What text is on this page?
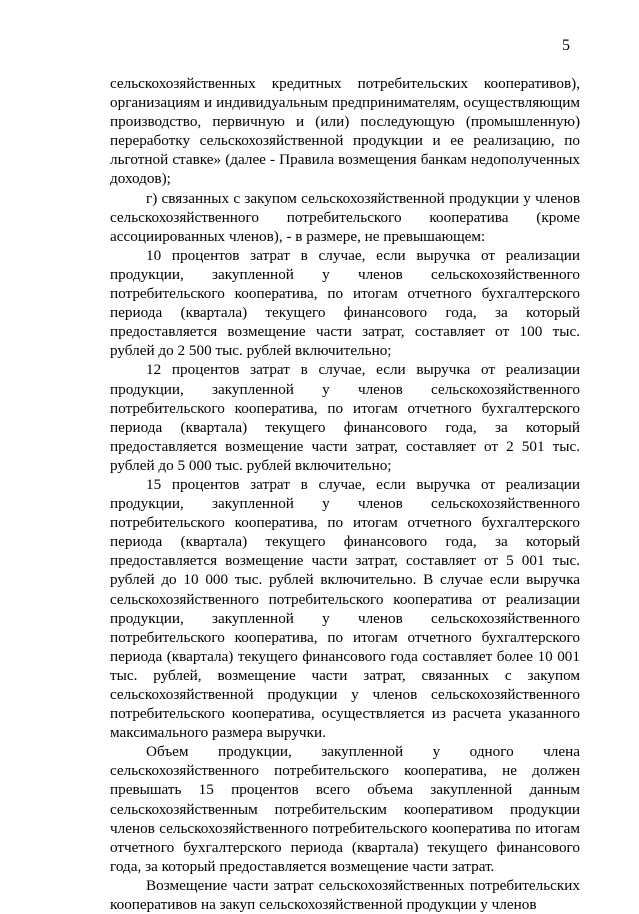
5

сельскохозяйственных кредитных потребительских кооперативов), организациям и индивидуальным предпринимателям, осуществляющим производство, первичную и (или) последующую (промышленную) переработку сельскохозяйственной продукции и ее реализацию, по льготной ставке» (далее - Правила возмещения банкам недополученных доходов);

г) связанных с закупом сельскохозяйственной продукции у членов сельскохозяйственного потребительского кооператива (кроме ассоциированных членов), - в размере, не превышающем:

10 процентов затрат в случае, если выручка от реализации продукции, закупленной у членов сельскохозяйственного потребительского кооператива, по итогам отчетного бухгалтерского периода (квартала) текущего финансового года, за который предоставляется возмещение части затрат, составляет от 100 тыс. рублей до 2 500 тыс. рублей включительно;

12 процентов затрат в случае, если выручка от реализации продукции, закупленной у членов сельскохозяйственного потребительского кооператива, по итогам отчетного бухгалтерского периода (квартала) текущего финансового года, за который предоставляется возмещение части затрат, составляет от 2 501 тыс. рублей до 5 000 тыс. рублей включительно;

15 процентов затрат в случае, если выручка от реализации продукции, закупленной у членов сельскохозяйственного потребительского кооператива, по итогам отчетного бухгалтерского периода (квартала) текущего финансового года, за который предоставляется возмещение части затрат, составляет от 5 001 тыс. рублей до 10 000 тыс. рублей включительно. В случае если выручка сельскохозяйственного потребительского кооператива от реализации продукции, закупленной у членов сельскохозяйственного потребительского кооператива, по итогам отчетного бухгалтерского периода (квартала) текущего финансового года составляет более 10 001 тыс. рублей, возмещение части затрат, связанных с закупом сельскохозяйственной продукции у членов сельскохозяйственного потребительского кооператива, осуществляется из расчета указанного максимального размера выручки.

Объем продукции, закупленной у одного члена сельскохозяйственного потребительского кооператива, не должен превышать 15 процентов всего объема закупленной данным сельскохозяйственным потребительским кооперативом продукции членов сельскохозяйственного потребительского кооператива по итогам отчетного бухгалтерского периода (квартала) текущего финансового года, за который предоставляется возмещение части затрат.

Возмещение части затрат сельскохозяйственных потребительских кооперативов на закуп сельскохозяйственной продукции у членов
